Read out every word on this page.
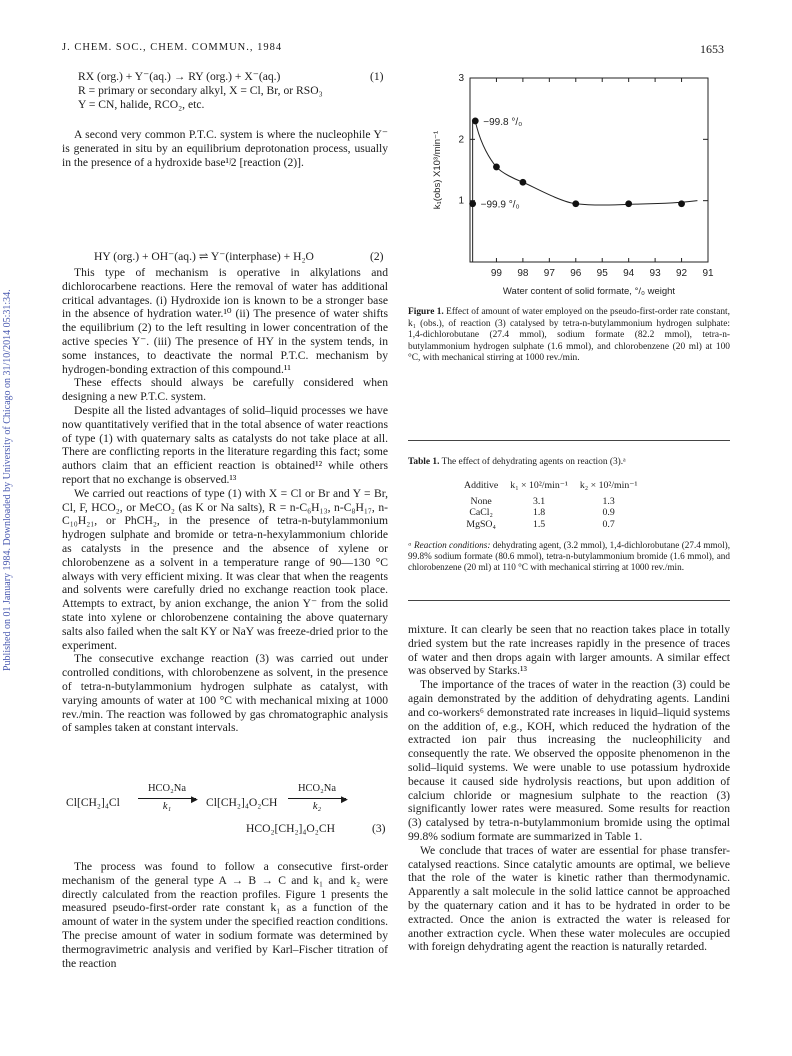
Published on 01 January 1984. Downloaded by University of Chicago on 31/10/2014 05:31:34.
J. CHEM. SOC., CHEM. COMMUN., 1984	1653
RX (org.) + Y⁻(aq.) → RY (org.) + X⁻(aq.)	(1)
R = primary or secondary alkyl, X = Cl, Br, or RSO₃
Y = CN, halide, RCO₂, etc.

A second very common P.T.C. system is where the nucleophile Y⁻ is generated in situ by an equilibrium deprotonation process, usually in the presence of a hydroxide base¹ʲ2 [reaction (2)].

HY (org.) + OH⁻(aq.) ⇌ Y⁻(interphase) + H₂O	(2)

This type of mechanism is operative in alkylations and dichlorocarbene reactions. Here the removal of water has additional critical advantages. (i) Hydroxide ion is known to be a stronger base in the absence of hydration water.¹⁰ (ii) The presence of water shifts the equilibrium (2) to the left resulting in lower concentration of the active species Y⁻. (iii) The presence of HY in the system tends, in some instances, to deactivate the normal P.T.C. mechanism by hydrogen-bonding extraction of this compound.¹¹

These effects should always be carefully considered when designing a new P.T.C. system.

Despite all the listed advantages of solid–liquid processes we have now quantitatively verified that in the total absence of water reactions of type (1) with quaternary salts as catalysts do not take place at all. There are conflicting reports in the literature regarding this fact; some authors claim that an efficient reaction is obtained¹² while others report that no exchange is observed.¹³

We carried out reactions of type (1) with X = Cl or Br and Y = Br, Cl, F, HCO₂, or MeCO₂ (as K or Na salts), R = n-C₆H₁₃, n-C₈H₁₇, n-C₁₀H₂₁, or PhCH₂, in the presence of tetra-n-butylammonium hydrogen sulphate and bromide or tetra-n-hexylammonium chloride as catalysts in the presence and the absence of xylene or chlorobenzene as a solvent in a temperature range of 90—130 °C always with very efficient mixing. It was clear that when the reagents and solvents were carefully dried no exchange reaction took place. Attempts to extract, by anion exchange, the anion Y⁻ from the solid state into xylene or chlorobenzene containing the above quaternary salts also failed when the salt KY or NaY was freeze-dried prior to the experiment.

The consecutive exchange reaction (3) was carried out under controlled conditions, with chlorobenzene as solvent, in the presence of tetra-n-butylammonium hydrogen sulphate as catalyst, with varying amounts of water at 100 °C with mechanical mixing at 1000 rev./min. The reaction was followed by gas chromatographic analysis of samples taken at constant intervals.

Cl[CH₂]₄Cl
HCO₂Na
▶
k₁	Cl[CH₂]₄O₂CH
HCO₂Na
▶
k₂
HCO₂[CH₂]₄O₂CH	(3)

The process was found to follow a consecutive first-order mechanism of the general type A → B → C and k₁ and k₂ were directly calculated from the reaction profiles. Figure 1 presents the measured pseudo-first-order rate constant k₁ as a function of the amount of water in the system under the specified reaction conditions. The precise amount of water in sodium formate was determined by thermogravimetric analysis and verified by Karl–Fischer titration of the reaction

99 98 97 96 95 94 93 92 91
1
2
3
Water content of solid formate, °/₀ weight
k₁(obs) X10³/min⁻¹
−99.8 °/₀
−99.9 °/₀
Figure 1. Effect of amount of water employed on the pseudo-first-order rate constant, k₁ (obs.), of reaction (3) catalysed by tetra-n-butylammonium hydrogen sulphate: 1,4-dichlorobutane (27.4 mmol), sodium formate (82.2 mmol), tetra-n-butylammonium hydrogen sulphate (1.6 mmol), and chlorobenzene (20 ml) at 100 °C, with mechanical stirring at 1000 rev./min.
Table 1. The effect of dehydrating agents on reaction (3).ᵃ
Additive	k₁ × 10²/min⁻¹	k₂ × 10²/min⁻¹

None	3.1	1.3
CaCl₂	1.8	0.9
MgSO₄	1.5	0.7
ᵃ Reaction conditions: dehydrating agent, (3.2 mmol), 1,4-dichlorobutane (27.4 mmol), 99.8% sodium formate (80.6 mmol), tetra-n-butylammonium bromide (1.6 mmol), and chlorobenzene (20 ml) at 110 °C with mechanical stirring at 1000 rev./min.

mixture. It can clearly be seen that no reaction takes place in totally dried system but the rate increases rapidly in the presence of traces of water and then drops again with larger amounts. A similar effect was observed by Starks.¹³

The importance of the traces of water in the reaction (3) could be again demonstrated by the addition of dehydrating agents. Landini and co-workers⁶ demonstrated rate increases in liquid–liquid systems on the addition of, e.g., KOH, which reduced the hydration of the extracted ion pair thus increasing the nucleophilicity and consequently the rate. We observed the opposite phenomenon in the solid–liquid systems. We were unable to use potassium hydroxide because it caused side hydrolysis reactions, but upon addition of calcium chloride or magnesium sulphate to the reaction (3) significantly lower rates were measured. Some results for reaction (3) catalysed by tetra-n-butylammonium bromide using the optimal 99.8% sodium formate are summarized in Table 1.

We conclude that traces of water are essential for phase transfer-catalysed reactions. Since catalytic amounts are optimal, we believe that the role of the water is kinetic rather than thermodynamic. Apparently a salt molecule in the solid lattice cannot be approached by the quaternary cation and it has to be hydrated in order to be extracted. Once the anion is extracted the water is released for another extraction cycle. When these water molecules are occupied with foreign dehydrating agent the reaction is naturally retarded.
